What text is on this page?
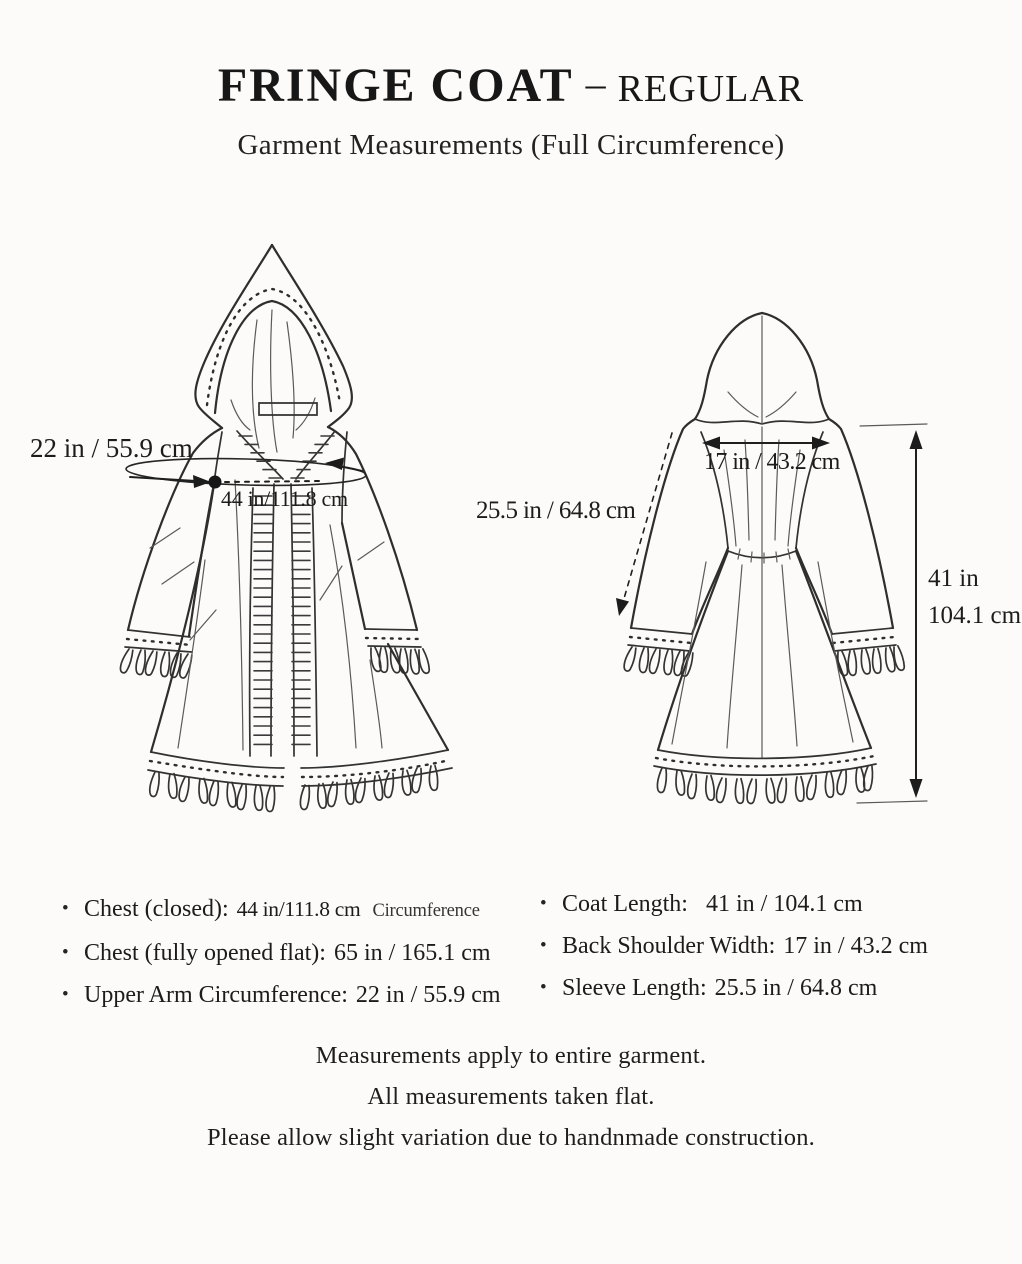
FRINGE COAT – REGULAR
Garment Measurements (Full Circumference)
22 in / 55.9 cm
44 in/111.8 cm	25.5 in / 64.8 cm
17 in / 43.2 cm
41 in
104.1 cm
• Chest (closed): 44 in/111.8 cm Circumference
• Chest (fully opened flat): 65 in / 165.1 cm
• Upper Arm Circumference: 22 in / 55.9 cm
• Coat Length: 41 in / 104.1 cm
• Back Shoulder Width: 17 in / 43.2 cm
• Sleeve Length: 25.5 in / 64.8 cm

Measurements apply to entire garment.

All measurements taken flat.

Please allow slight variation due to handnmade construction.
